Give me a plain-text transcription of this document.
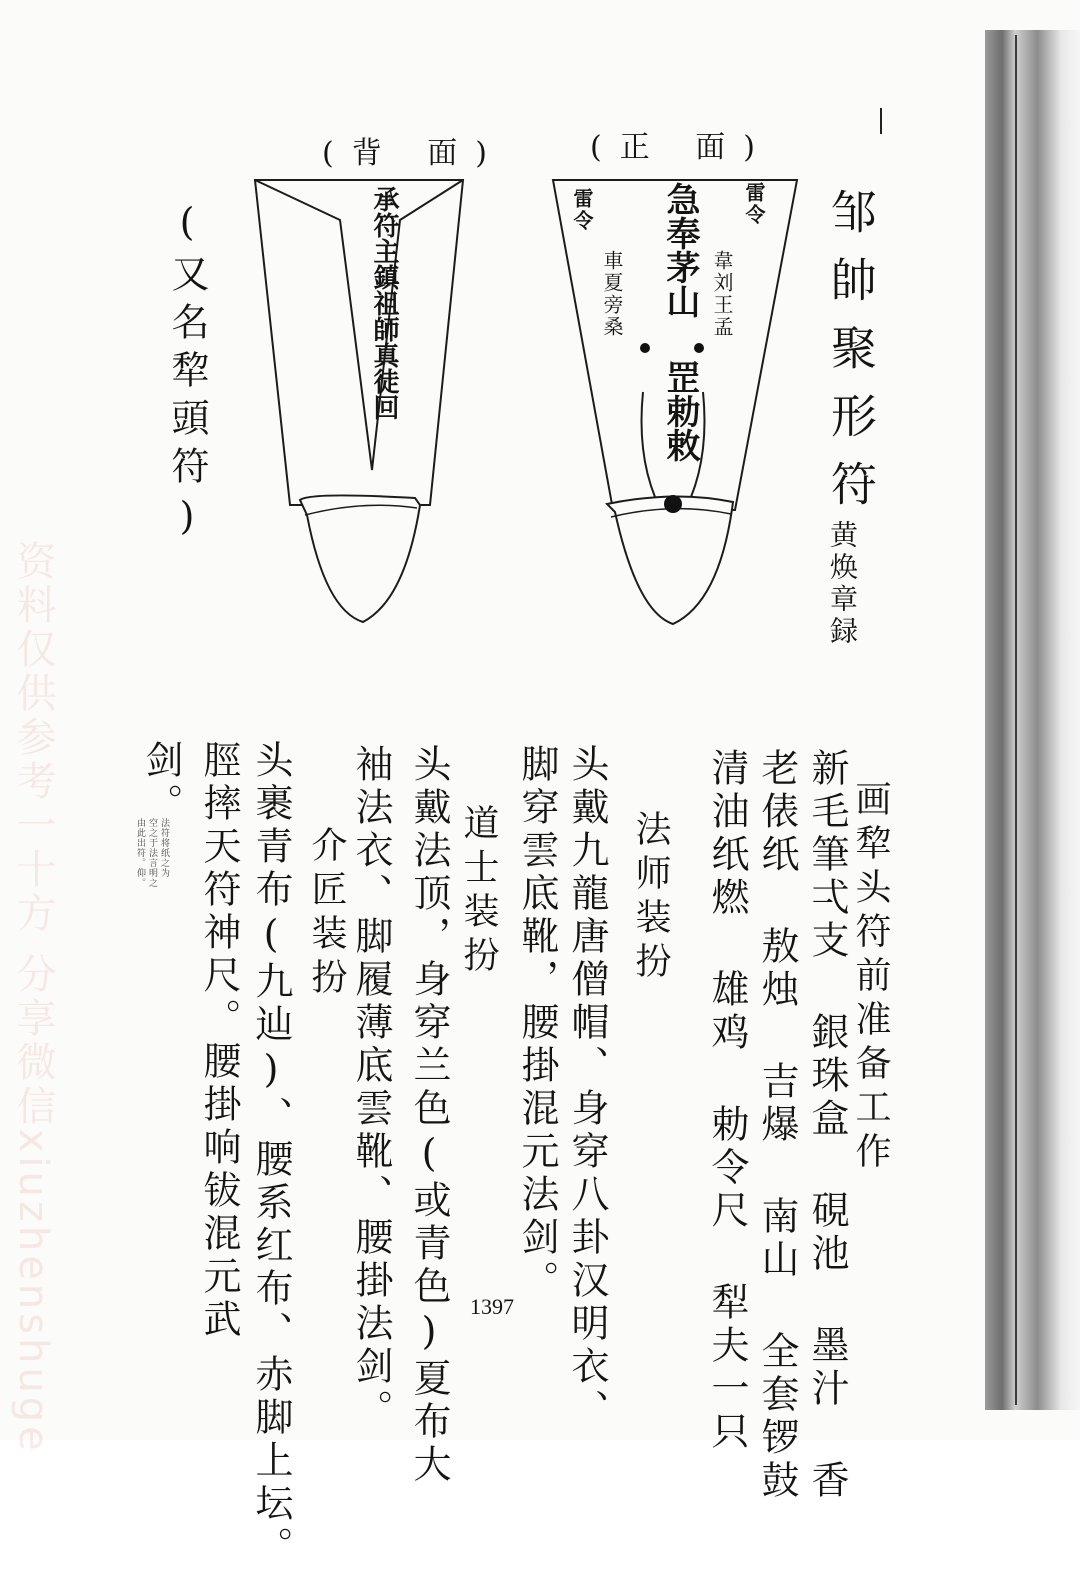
资料仅供参考一十方 分享微信xiuzhenshuge
(背 面)	(正 面)
承符主鎮祖師真徒回	雷令
雷令 急奉茅山
罡勅敕
車夏旁桑	韋刘王孟 邹帥聚形符
黄焕章録
(又名犂頭符)
画犂头符前准备工作
新毛筆弌支 銀珠盒 硯池 墨汁 香
老俵纸 敖烛 吉爆 南山 全套锣鼓
清油纸燃 雄鸡 勅令尺 犁夫一只
法师装扮
头戴九龍唐僧帽、身穿八卦汉明衣、
脚穿雲底靴，腰掛混元法剑。
道士装扮
头戴法顶，身穿兰色(或青色)夏布大
袖法衣、脚履薄底雲靴、腰掛法剑。
介匠装扮
头裹青布(九辿)、腰系红布、赤脚上坛。
脛摔天符神尺。腰掛响钹混元武
剑。
法符将纸之为
空之于法言明之
由此出符。仰。
1397
